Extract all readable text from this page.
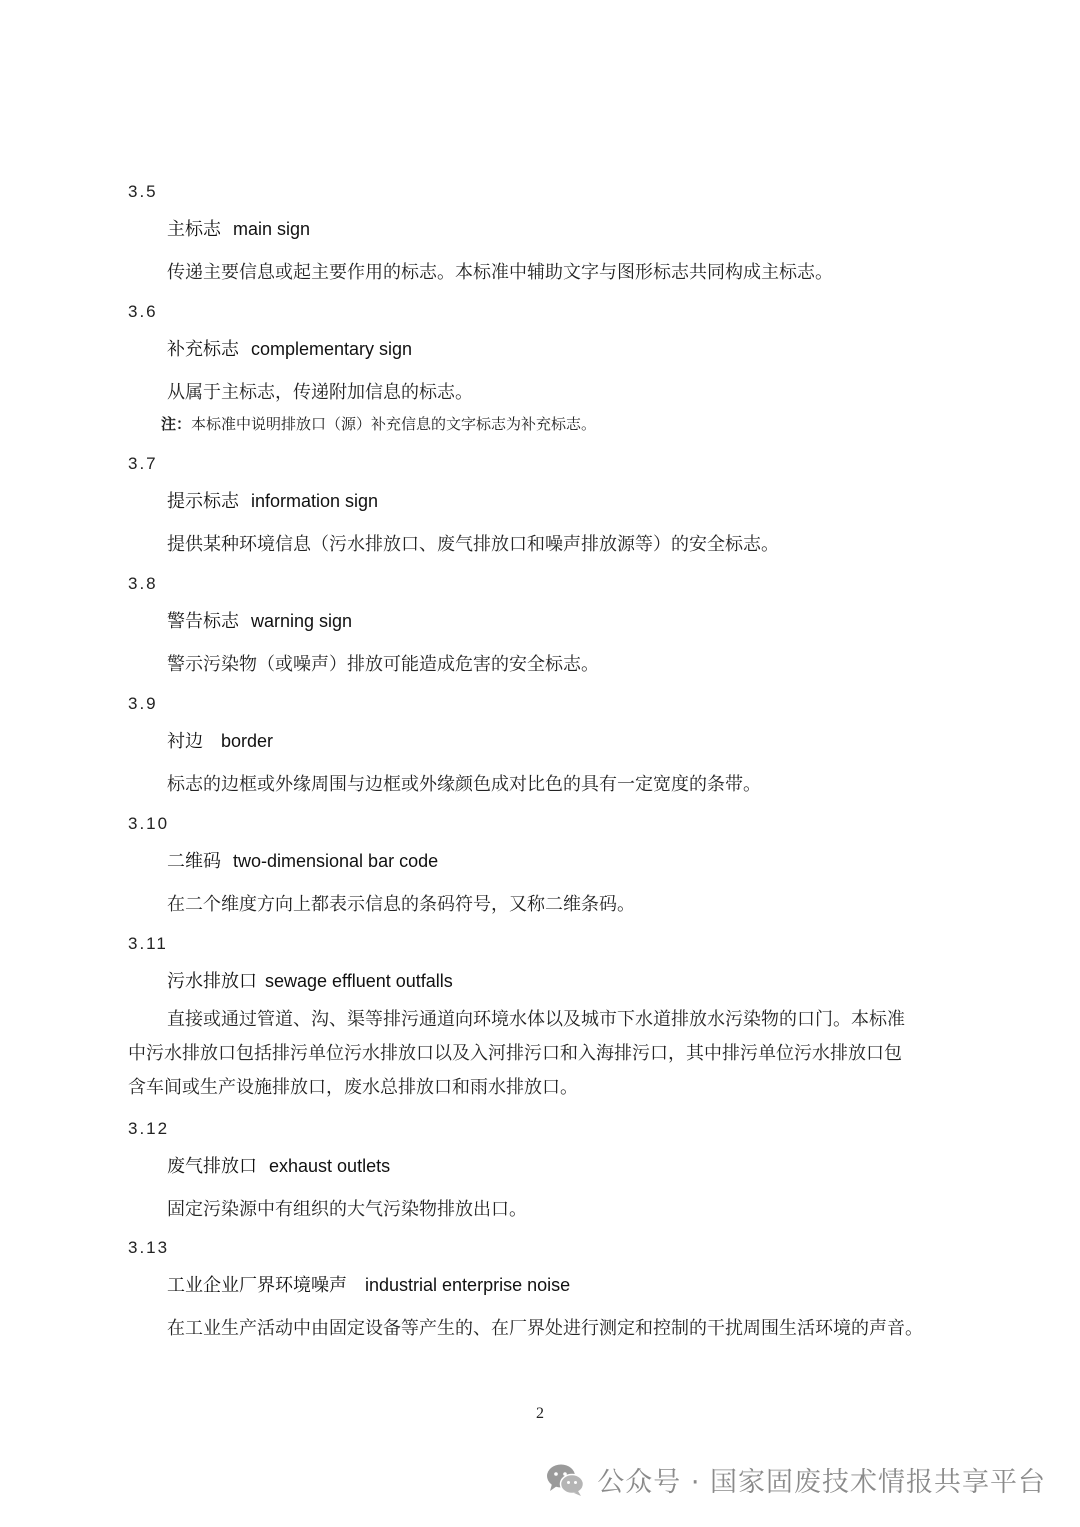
3.5
主标志 main sign
传递主要信息或起主要作用的标志。本标准中辅助文字与图形标志共同构成主标志。
3.6
补充标志 complementary sign
从属于主标志，传递附加信息的标志。
注：本标准中说明排放口（源）补充信息的文字标志为补充标志。
3.7
提示标志 information sign
提供某种环境信息（污水排放口、废气排放口和噪声排放源等）的安全标志。
3.8
警告标志 warning sign
警示污染物（或噪声）排放可能造成危害的安全标志。
3.9
衬边 border
标志的边框或外缘周围与边框或外缘颜色成对比色的具有一定宽度的条带。
3.10
二维码 two-dimensional bar code
在二个维度方向上都表示信息的条码符号，又称二维条码。
3.11
污水排放口 sewage effluent outfalls
直接或通过管道、沟、渠等排污通道向环境水体以及城市下水道排放水污染物的口门。本标准
中污水排放口包括排污单位污水排放口以及入河排污口和入海排污口，其中排污单位污水排放口包
含车间或生产设施排放口，废水总排放口和雨水排放口。
3.12
废气排放口 exhaust outlets
固定污染源中有组织的大气污染物排放出口。
3.13
工业企业厂界环境噪声 industrial enterprise noise
在工业生产活动中由固定设备等产生的、在厂界处进行测定和控制的干扰周围生活环境的声音。
2
公众号 · 国家固废技术情报共享平台
